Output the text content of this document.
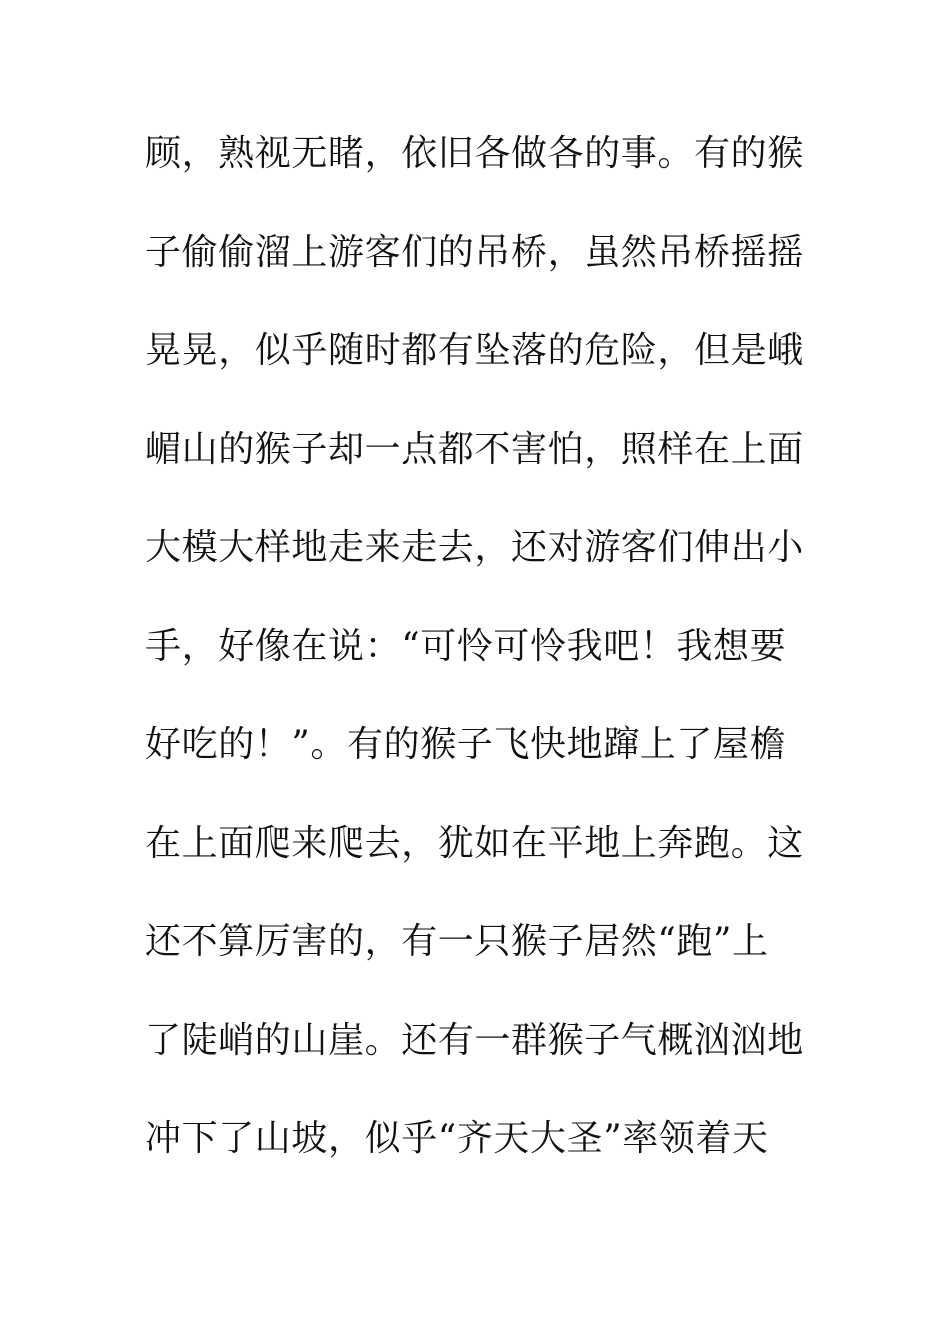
顾，熟视无睹，依旧各做各的事。有的猴
子偷偷溜上游客们的吊桥，虽然吊桥摇摇
晃晃，似乎随时都有坠落的危险，但是峨
嵋山的猴子却一点都不害怕，照样在上面
大模大样地走来走去，还对游客们伸出小
手，好像在说：“可怜可怜我吧！我想要
好吃的！”。有的猴子飞快地蹿上了屋檐
在上面爬来爬去，犹如在平地上奔跑。这
还不算厉害的，有一只猴子居然“跑”上
了陡峭的山崖。还有一群猴子气概汹汹地
冲下了山坡，似乎“齐天大圣”率领着天
